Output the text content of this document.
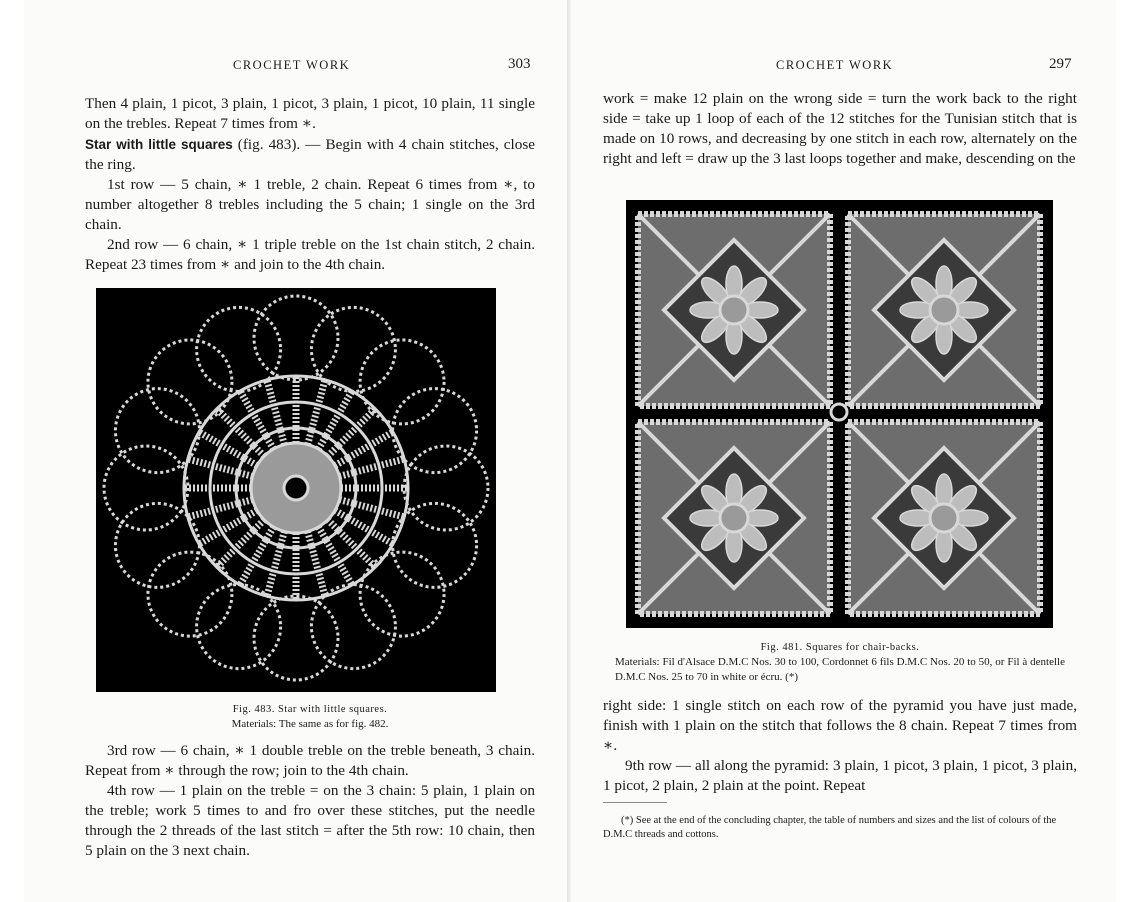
CROCHET WORK	303

Then 4 plain, 1 picot, 3 plain, 1 picot, 3 plain, 1 picot, 10 plain, 11 single on the trebles. Repeat 7 times from ∗.

Star with little squares (fig. 483). — Begin with 4 chain stitches, close the ring.

1st row — 5 chain, ∗ 1 treble, 2 chain. Repeat 6 times from ∗, to number altogether 8 trebles including the 5 chain; 1 single on the 3rd chain.

2nd row — 6 chain, ∗ 1 triple treble on the 1st chain stitch, 2 chain. Repeat 23 times from ∗ and join to the 4th chain.

Fig. 483. Star with little squares.
Materials: The same as for fig. 482.

3rd row — 6 chain, ∗ 1 double treble on the treble beneath, 3 chain. Repeat from ∗ through the row; join to the 4th chain.

4th row — 1 plain on the treble = on the 3 chain: 5 plain, 1 plain on the treble; work 5 times to and fro over these stitches, put the needle through the 2 threads of the last stitch = after the 5th row: 10 chain, then 5 plain on the 3 next chain.

CROCHET WORK	297

work = make 12 plain on the wrong side = turn the work back to the right side = take up 1 loop of each of the 12 stitches for the Tunisian stitch that is made on 10 rows, and decreasing by one stitch in each row, alternately on the right and left = draw up the 3 last loops together and make, descending on the

Fig. 481. Squares for chair-backs.
Materials: Fil d'Alsace D.M.C Nos. 30 to 100, Cordonnet 6 fils D.M.C Nos. 20 to 50, or Fil à dentelle D.M.C Nos. 25 to 70 in white or écru. (*)

right side: 1 single stitch on each row of the pyramid you have just made, finish with 1 plain on the stitch that follows the 8 chain. Repeat 7 times from ∗.

9th row — all along the pyramid: 3 plain, 1 picot, 3 plain, 1 picot, 3 plain, 1 picot, 2 plain, 2 plain at the point. Repeat

(*) See at the end of the concluding chapter, the table of numbers and sizes and the list of colours of the D.M.C threads and cottons.
